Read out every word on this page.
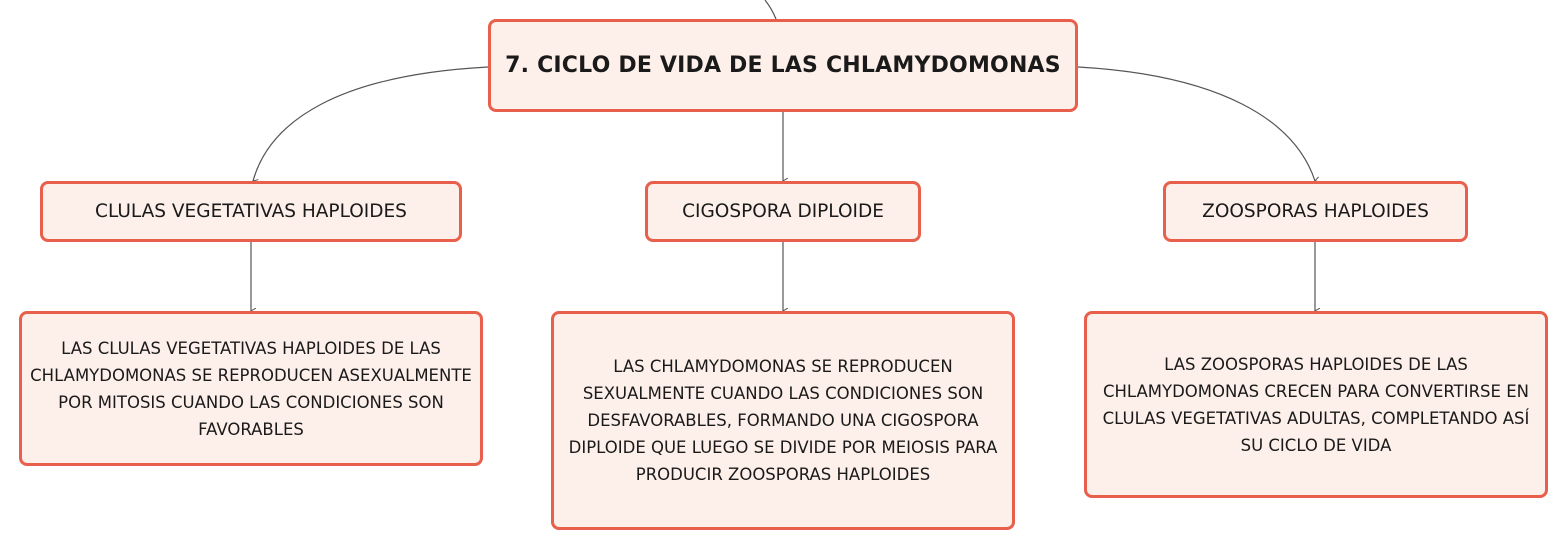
7. CICLO DE VIDA DE LAS CHLAMYDOMONAS
CLULAS VEGETATIVAS HAPLOIDES	CIGOSPORA DIPLOIDE	ZOOSPORAS HAPLOIDES
LAS CLULAS VEGETATIVAS HAPLOIDES DE LAS CHLAMYDOMONAS SE REPRODUCEN ASEXUALMENTE POR MITOSIS CUANDO LAS CONDICIONES SON FAVORABLES
LAS CHLAMYDOMONAS SE REPRODUCEN SEXUALMENTE CUANDO LAS CONDICIONES SON DESFAVORABLES, FORMANDO UNA CIGOSPORA DIPLOIDE QUE LUEGO SE DIVIDE POR MEIOSIS PARA PRODUCIR ZOOSPORAS HAPLOIDES
LAS ZOOSPORAS HAPLOIDES DE LAS CHLAMYDOMONAS CRECEN PARA CONVERTIRSE EN CLULAS VEGETATIVAS ADULTAS, COMPLETANDO ASÍ SU CICLO DE VIDA
